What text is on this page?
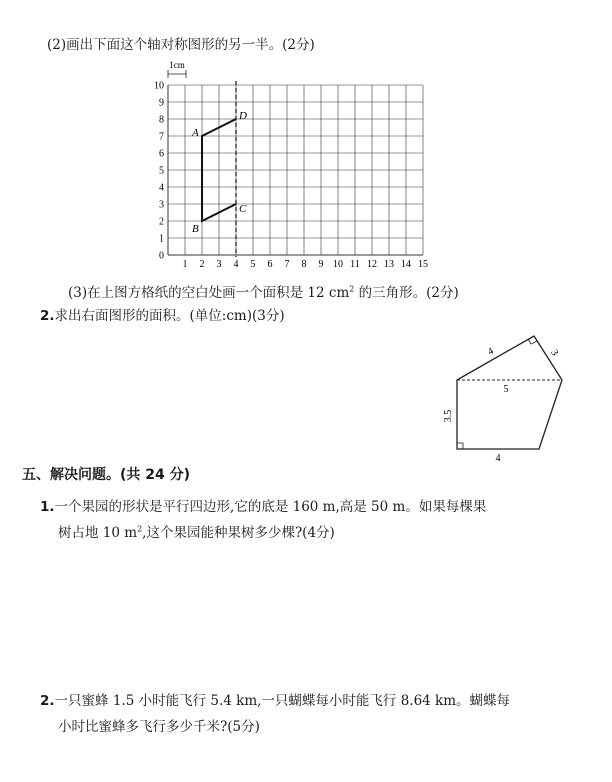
(2)画出下面这个轴对称图形的另一半。(2分)
1 2 3 4 5 6 7 8 9 10 11 12 13 14 15
0
1
2
3
4
5
6
7
8
9
10
A
B
C
D
1cm
(3)在上图方格纸的空白处画一个面积是 12 $cm^2$ 的三角形。(2分)
2.求出右面图形的面积。(单位:cm)(3分)
4	3
5
3.5
4
五、解决问题。(共 24 分)
1.一个果园的形状是平行四边形,它的底是 160 m,高是 50 m。如果每棵果
树占地 10 $m^2$,这个果园能种果树多少棵?(4分)
2.一只蜜蜂 1.5 小时能飞行 5.4 km,一只蝴蝶每小时能飞行 8.64 km。蝴蝶每
小时比蜜蜂多飞行多少千米?(5分)
